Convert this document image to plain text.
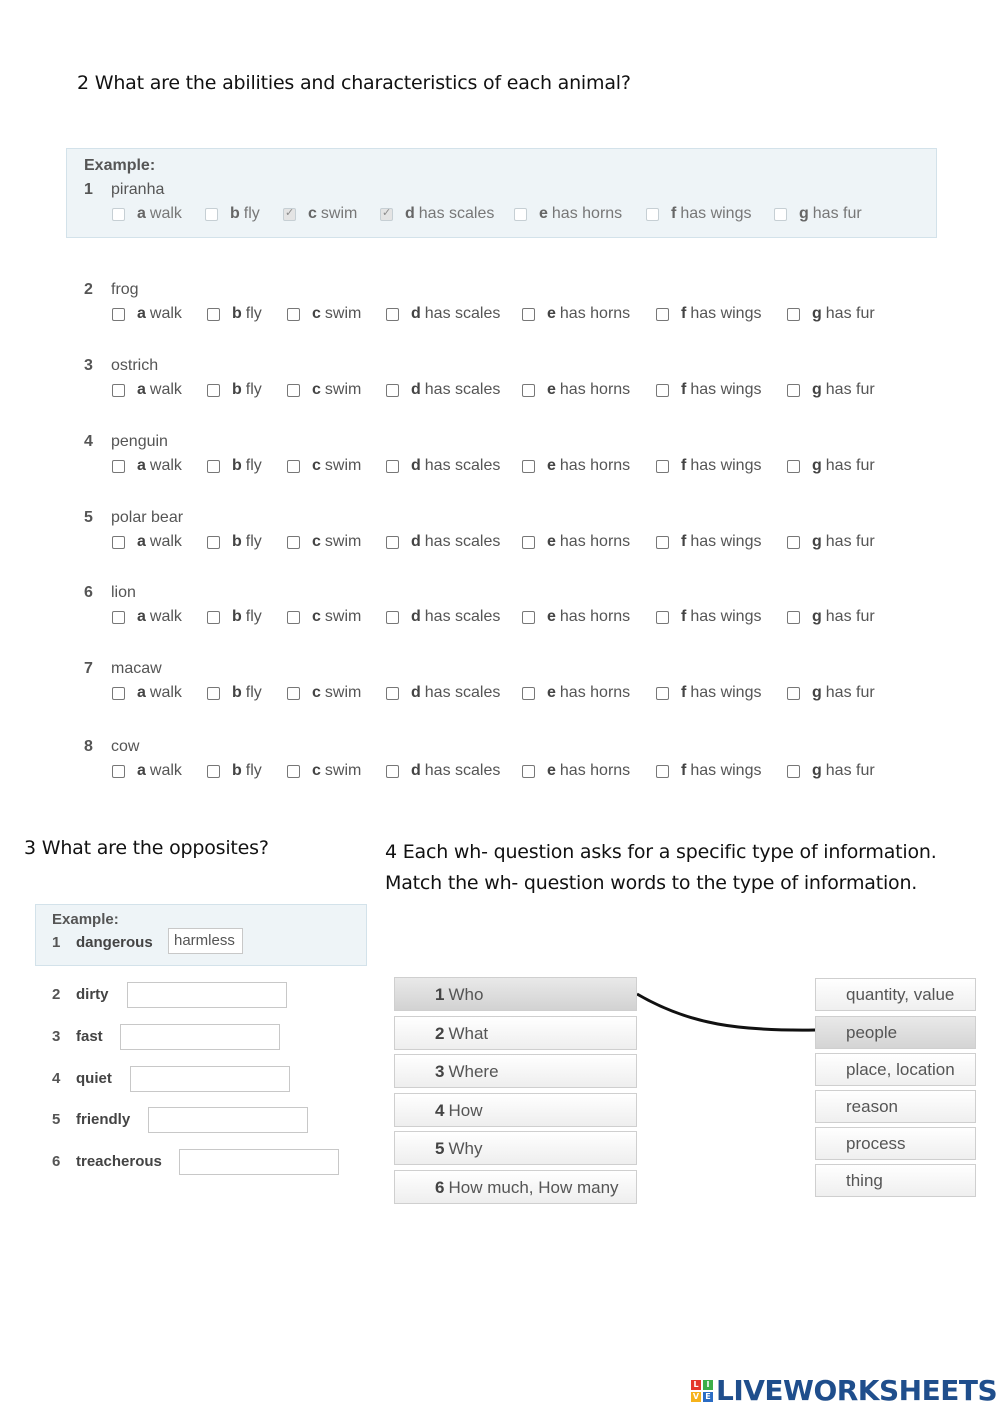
2 What are the abilities and characteristics of each animal?
Example:
1 piranha
a walk	b fly ✓	c swim ✓	d has scales	e has horns	f has wings	g has fur
2 frog
a walk	b fly	c swim	d has scales	e has horns	f has wings	g has fur
3 ostrich
a walk	b fly	c swim	d has scales	e has horns	f has wings	g has fur
4 penguin
a walk	b fly	c swim	d has scales	e has horns	f has wings	g has fur
5 polar bear
a walk	b fly	c swim	d has scales	e has horns	f has wings	g has fur
6 lion
a walk	b fly	c swim	d has scales	e has horns	f has wings	g has fur
7 macaw
a walk	b fly	c swim	d has scales	e has horns	f has wings	g has fur
8 cow
a walk	b fly	c swim	d has scales	e has horns	f has wings	g has fur
3 What are the opposites?
Example:
1 dangerous	harmless
2 dirty
3 fast
4 quiet
5 friendly
6 treacherous
4 Each wh- question asks for a specific type of information. Match the wh- question words to the type of information.
1 Who
2 What
3 Where
4 How
5 Why
6 How much, How many
quantity, value
people
place, location
reason
process
thing
L I
V E LIVEWORKSHEETS
